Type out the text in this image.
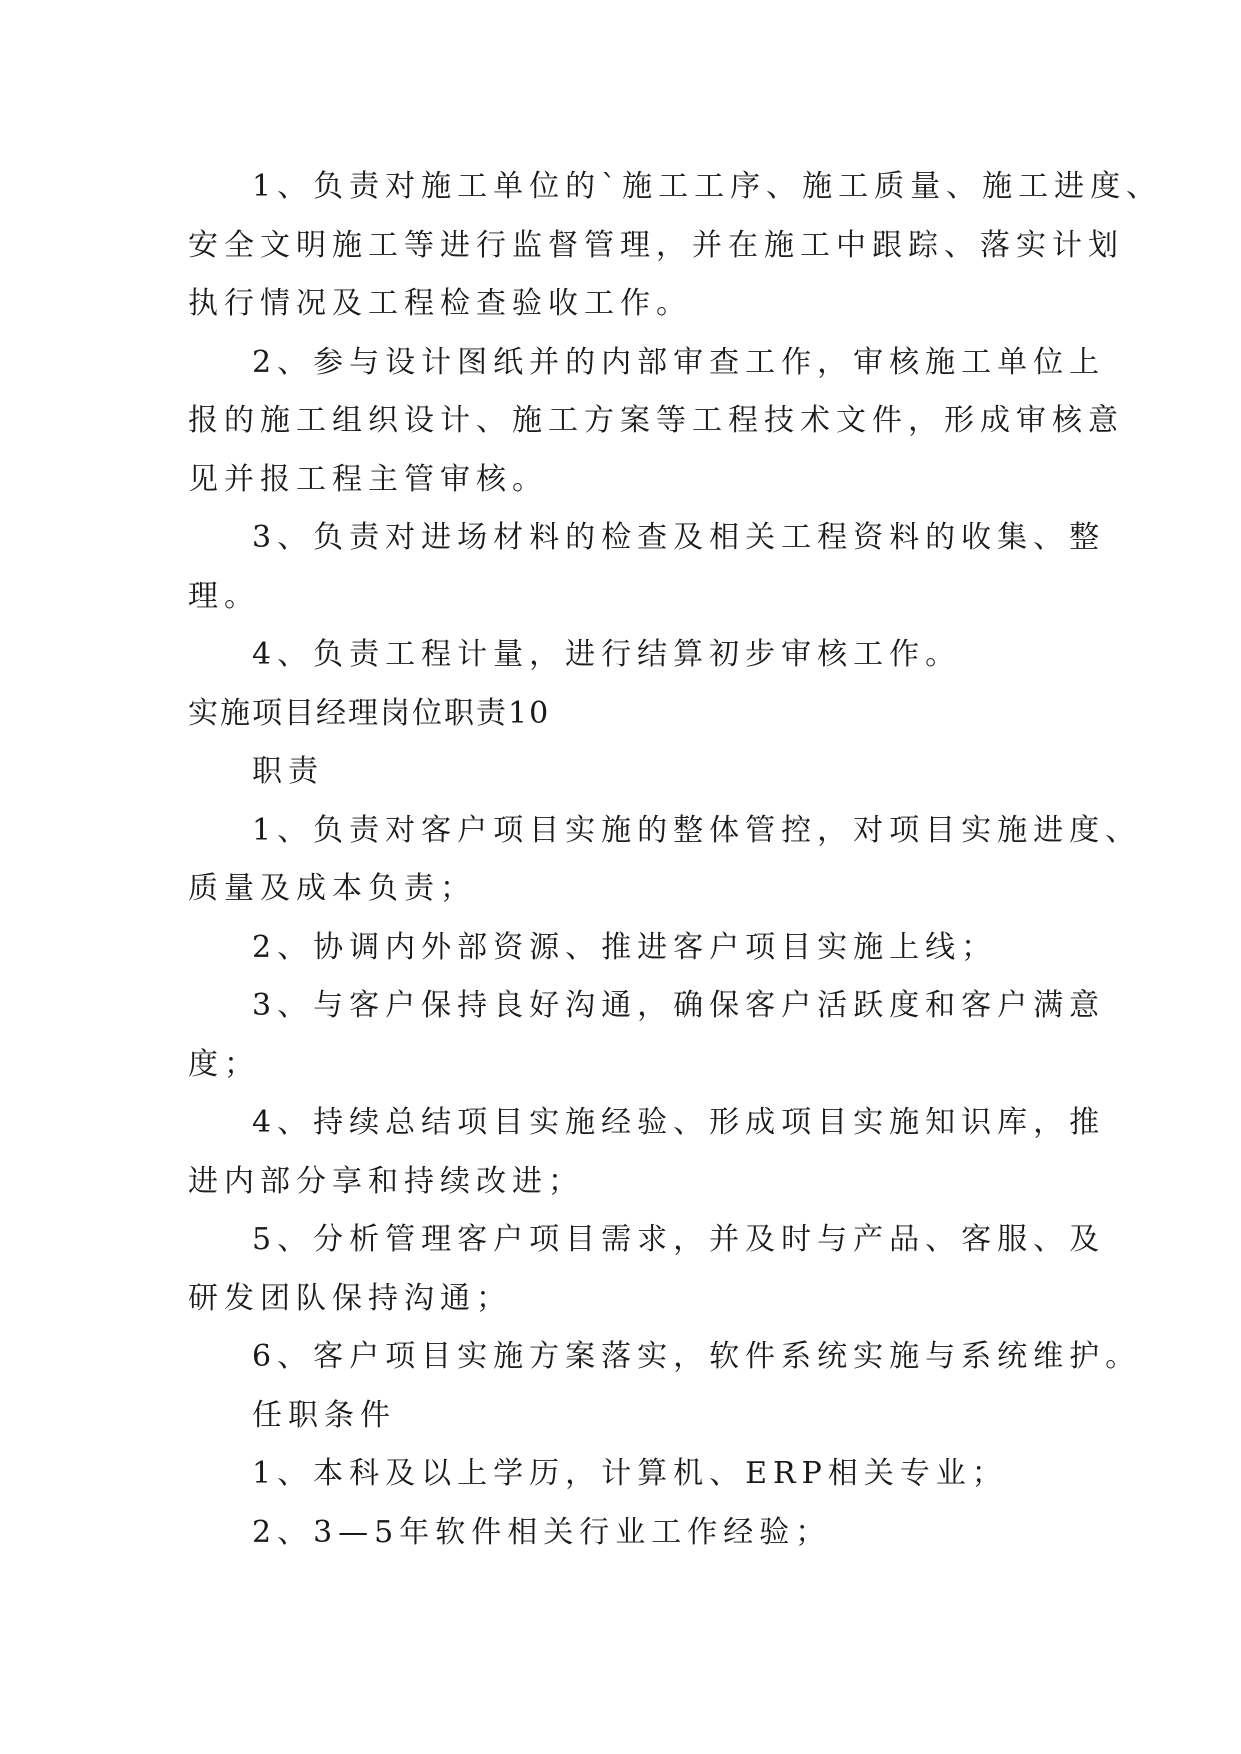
1、负责对施工单位的`施工工序、施工质量、施工进度、
安全文明施工等进行监督管理，并在施工中跟踪、落实计划
执行情况及工程检查验收工作。
2、参与设计图纸并的内部审查工作，审核施工单位上
报的施工组织设计、施工方案等工程技术文件，形成审核意
见并报工程主管审核。
3、负责对进场材料的检查及相关工程资料的收集、整
理。
4、负责工程计量，进行结算初步审核工作。
实施项目经理岗位职责10
职责
1、负责对客户项目实施的整体管控，对项目实施进度、
质量及成本负责；
2、协调内外部资源、推进客户项目实施上线；
3、与客户保持良好沟通，确保客户活跃度和客户满意
度；
4、持续总结项目实施经验、形成项目实施知识库，推
进内部分享和持续改进；
5、分析管理客户项目需求，并及时与产品、客服、及
研发团队保持沟通；
6、客户项目实施方案落实，软件系统实施与系统维护。
任职条件
1、本科及以上学历，计算机、ERP相关专业；
2、3—5年软件相关行业工作经验；
